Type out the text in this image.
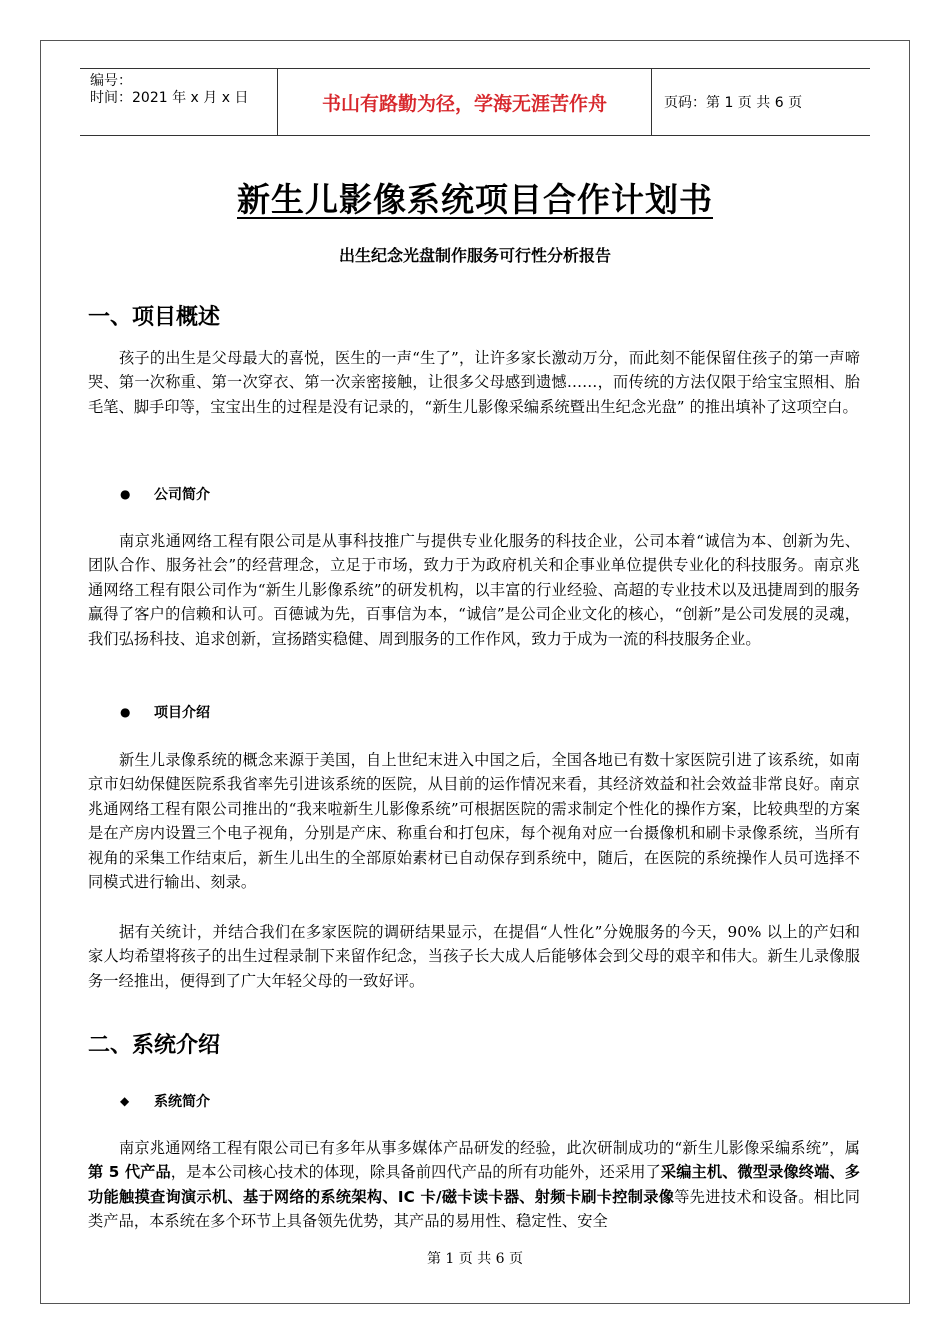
编号：
时间：2021 年 x 月 x 日	书山有路勤为径，学海无涯苦作舟	页码：第 1 页 共 6 页
新生儿影像系统项目合作计划书
出生纪念光盘制作服务可行性分析报告
一、项目概述
孩子的出生是父母最大的喜悦，医生的一声“生了”，让许多家长激动万分，而此刻不能保留住孩子的第一声啼哭、第一次称重、第一次穿衣、第一次亲密接触，让很多父母感到遗憾……，而传统的方法仅限于给宝宝照相、胎毛笔、脚手印等，宝宝出生的过程是没有记录的，“新生儿影像采编系统暨出生纪念光盘” 的推出填补了这项空白。
●	公司简介
南京兆通网络工程有限公司是从事科技推广与提供专业化服务的科技企业，公司本着“诚信为本、创新为先、团队合作、服务社会”的经营理念，立足于市场，致力于为政府机关和企事业单位提供专业化的科技服务。南京兆通网络工程有限公司作为“新生儿影像系统”的研发机构，以丰富的行业经验、高超的专业技术以及迅捷周到的服务赢得了客户的信赖和认可。百德诚为先，百事信为本，“诚信”是公司企业文化的核心，“创新”是公司发展的灵魂，我们弘扬科技、追求创新，宣扬踏实稳健、周到服务的工作作风，致力于成为一流的科技服务企业。
●	项目介绍
新生儿录像系统的概念来源于美国，自上世纪末进入中国之后，全国各地已有数十家医院引进了该系统，如南京市妇幼保健医院系我省率先引进该系统的医院，从目前的运作情况来看，其经济效益和社会效益非常良好。南京兆通网络工程有限公司推出的“我来啦新生儿影像系统”可根据医院的需求制定个性化的操作方案，比较典型的方案是在产房内设置三个电子视角，分别是产床、称重台和打包床，每个视角对应一台摄像机和刷卡录像系统，当所有视角的采集工作结束后，新生儿出生的全部原始素材已自动保存到系统中，随后，在医院的系统操作人员可选择不同模式进行输出、刻录。
据有关统计，并结合我们在多家医院的调研结果显示，在提倡“人性化”分娩服务的今天，90% 以上的产妇和家人均希望将孩子的出生过程录制下来留作纪念，当孩子长大成人后能够体会到父母的艰辛和伟大。新生儿录像服务一经推出，便得到了广大年轻父母的一致好评。
二、系统介绍
◆	系统简介
南京兆通网络工程有限公司已有多年从事多媒体产品研发的经验，此次研制成功的“新生儿影像采编系统”，属第 5 代产品，是本公司核心技术的体现，除具备前四代产品的所有功能外，还采用了采编主机、微型录像终端、多功能触摸查询演示机、基于网络的系统架构、IC 卡/磁卡读卡器、射频卡刷卡控制录像等先进技术和设备。相比同类产品，本系统在多个环节上具备领先优势，其产品的易用性、稳定性、安全
第 1 页 共 6 页
